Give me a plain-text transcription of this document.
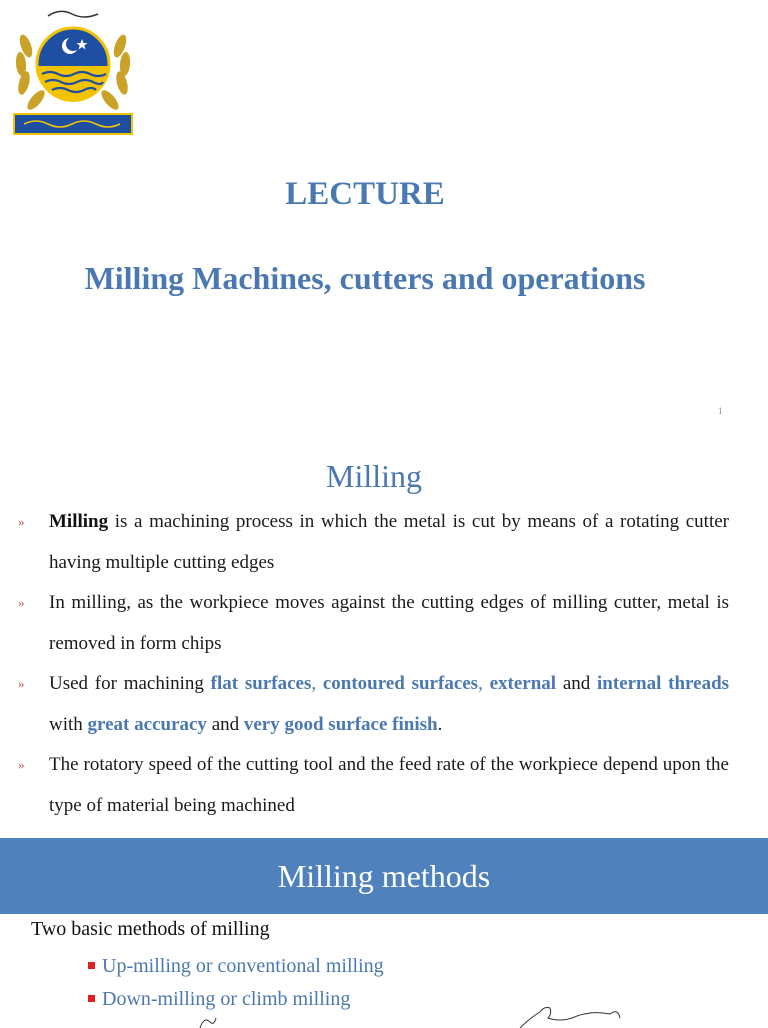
LECTURE
Milling Machines, cutters and operations
1
Milling
» Milling is a machining process in which the metal is cut by means of a rotating cutter having multiple cutting edges
» In milling, as the workpiece moves against the cutting edges of milling cutter, metal is removed in form chips
» Used for machining flat surfaces, contoured surfaces, external and internal threads with great accuracy and very good surface finish.
» The rotatory speed of the cutting tool and the feed rate of the workpiece depend upon the type of material being machined
Milling methods
Two basic methods of milling
Up-milling or conventional milling
Down-milling or climb milling
